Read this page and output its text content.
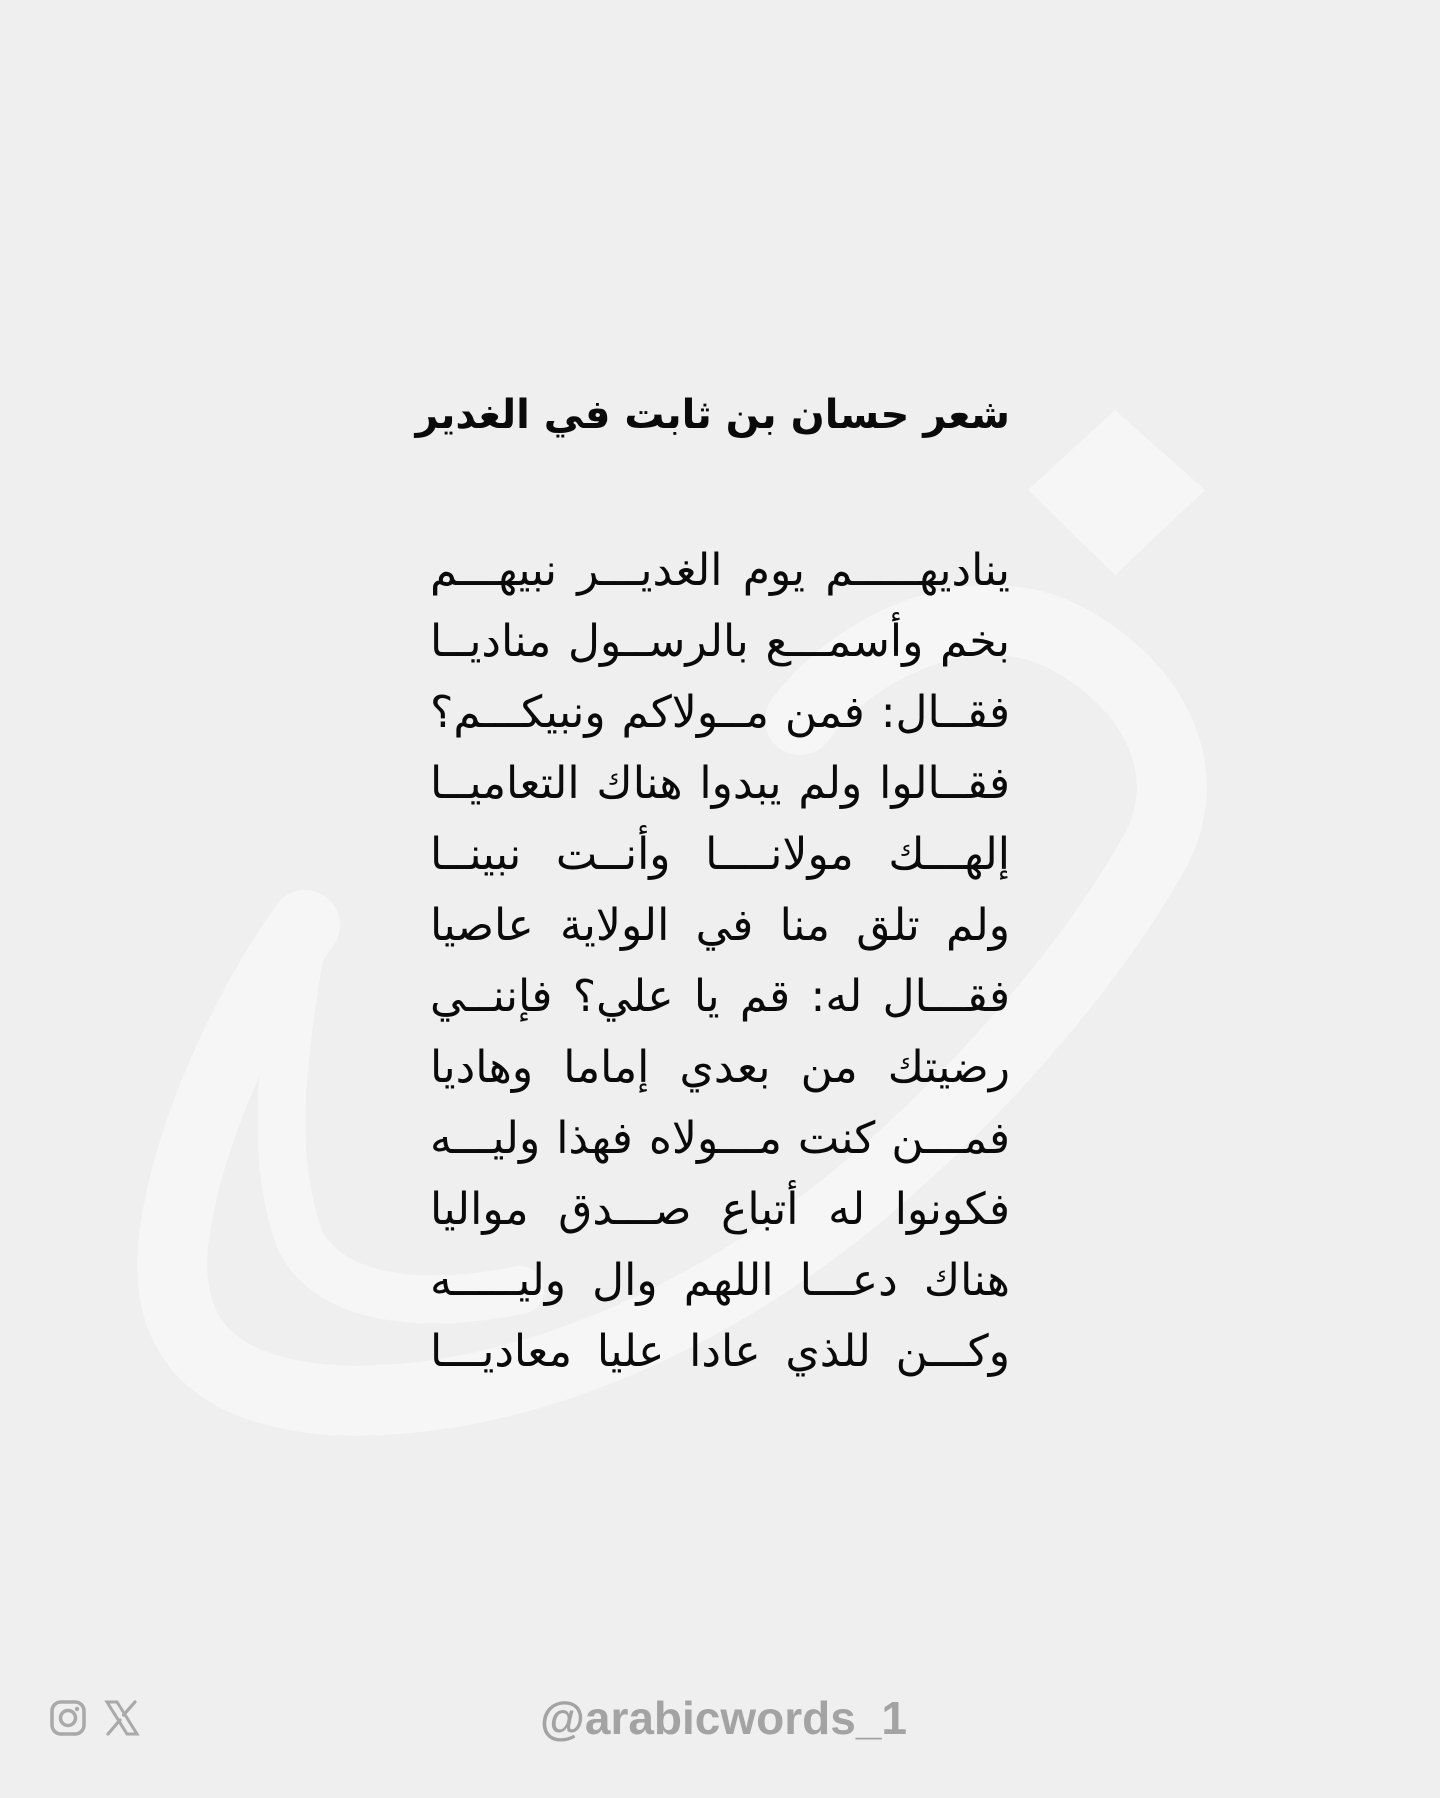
شعر حسان بن ثابت في الغدير
يناديهـــــم يوم الغديـــر نبيهـــم
بخم وأسمـــع بالرســول مناديــا
فقــال: فمن مــولاكم ونبيكـــم؟
فقــالوا ولم يبدوا هناك التعاميــا
إلهـــك مولانــــا وأنــت نبينــا
ولم تلق منا في الولاية عاصيا
فقـــال له: قم يا علي؟ فإننــي
رضيتك من بعدي إماما وهاديا
فمـــن كنت مـــولاه فهذا وليـــه
فكونوا له أتباع صـــدق مواليا
هناك دعـــا اللهم وال وليـــــه
وكـــن للذي عادا عليا معاديـــا
@arabicwords_1
